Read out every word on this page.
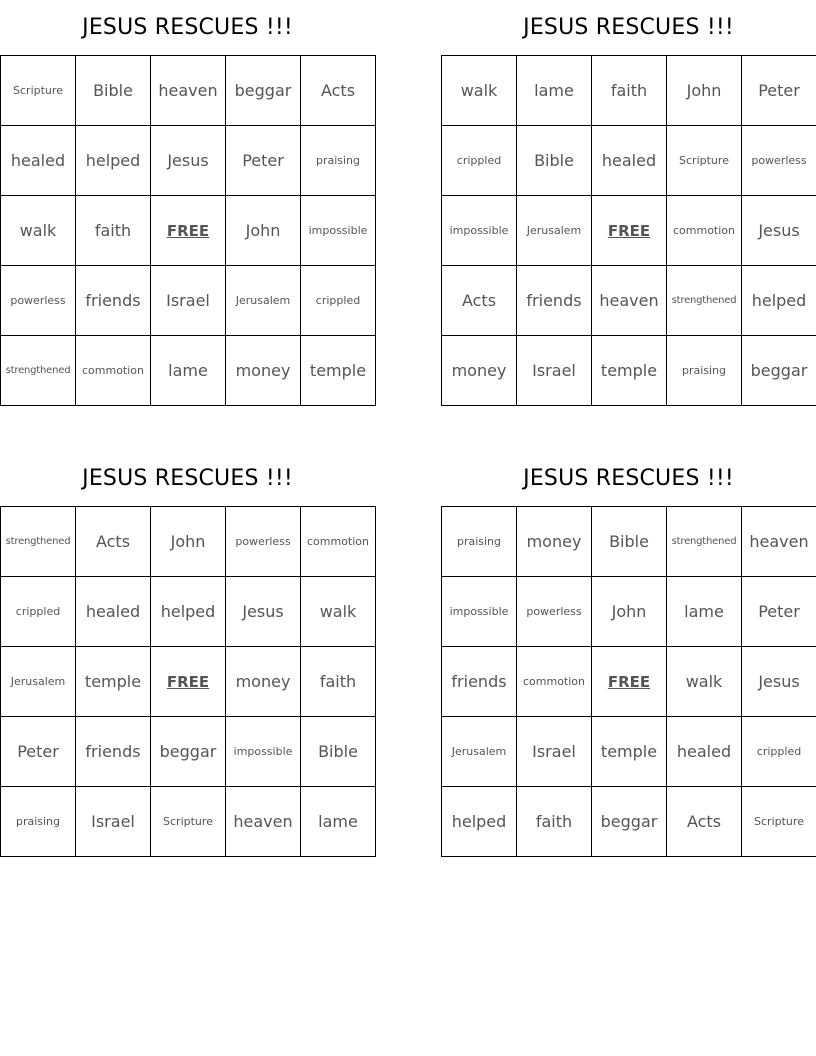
JESUS RESCUES !!!
Scripture	Bible	heaven	beggar	Acts
healed	helped	Jesus	Peter	praising
walk	faith	FREE	John	impossible
powerless	friends	Israel	Jerusalem	crippled
strengthened	commotion	lame	money	temple
JESUS RESCUES !!!
walk	lame	faith	John	Peter
crippled	Bible	healed	Scripture	powerless
impossible	Jerusalem	FREE	commotion	Jesus
Acts	friends	heaven	strengthened	helped
money	Israel	temple	praising	beggar
JESUS RESCUES !!!
strengthened	Acts	John	powerless	commotion
crippled	healed	helped	Jesus	walk
Jerusalem	temple	FREE	money	faith
Peter	friends	beggar	impossible	Bible
praising	Israel	Scripture	heaven	lame
JESUS RESCUES !!!
praising	money	Bible	strengthened	heaven
impossible	powerless	John	lame	Peter
friends	commotion	FREE	walk	Jesus
Jerusalem	Israel	temple	healed	crippled
helped	faith	beggar	Acts	Scripture
